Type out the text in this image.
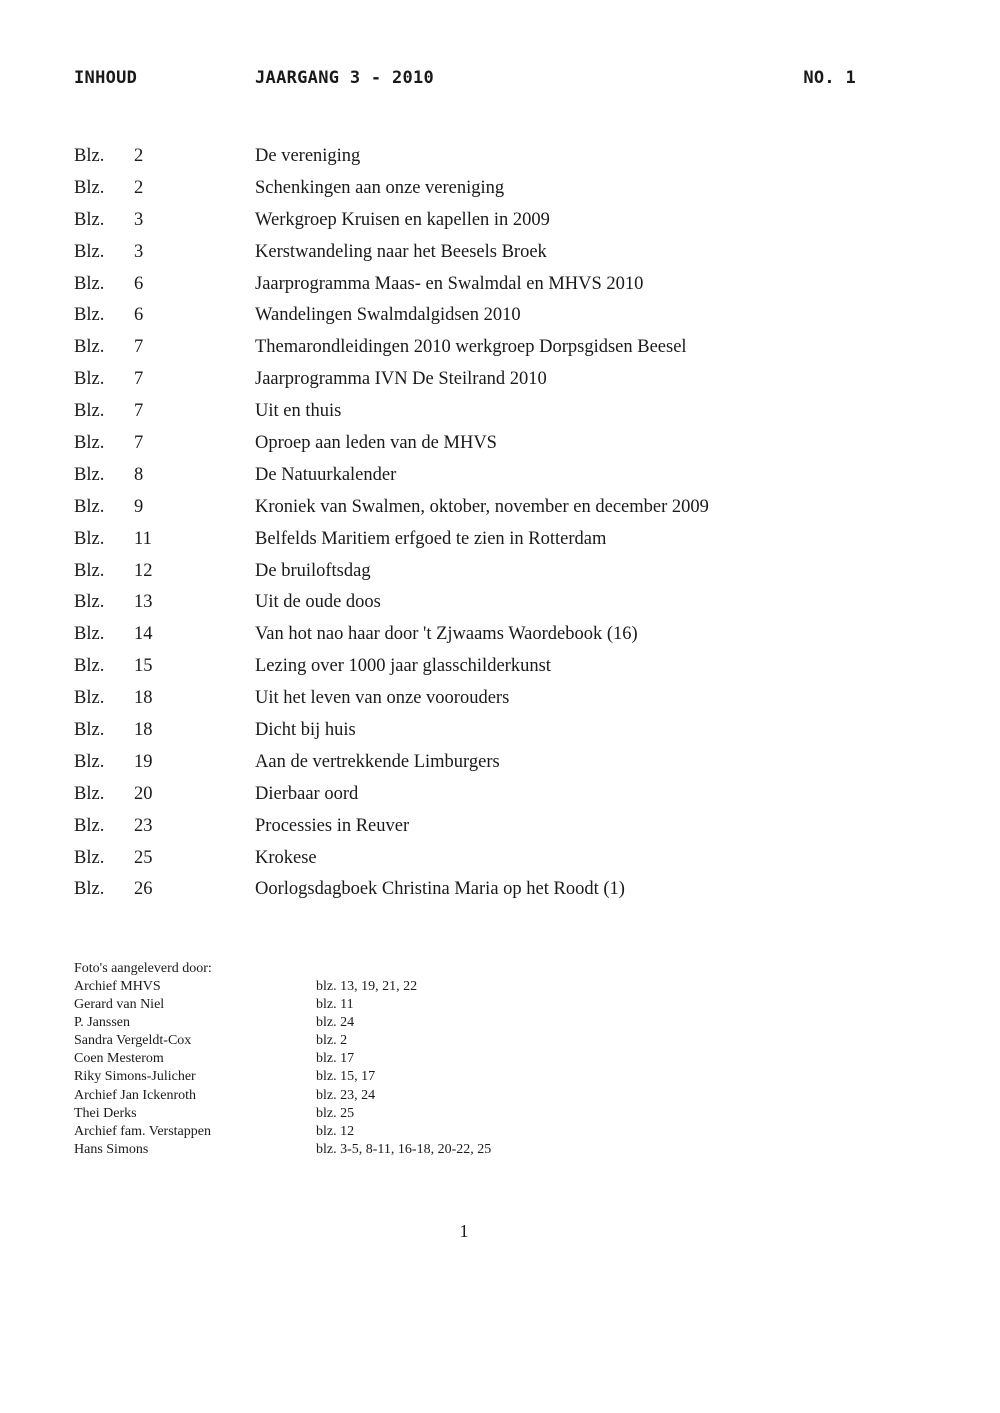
INHOUD	JAARGANG 3 - 2010	NO. 1
Blz. 2	De vereniging
Blz. 2	Schenkingen aan onze vereniging
Blz. 3	Werkgroep Kruisen en kapellen in 2009
Blz. 3	Kerstwandeling naar het Beesels Broek
Blz. 6	Jaarprogramma Maas- en Swalmdal en MHVS 2010
Blz. 6	Wandelingen Swalmdalgidsen 2010
Blz. 7	Themarondleidingen 2010 werkgroep Dorpsgidsen Beesel
Blz. 7	Jaarprogramma IVN De Steilrand 2010
Blz. 7	Uit en thuis
Blz. 7	Oproep aan leden van de MHVS
Blz. 8	De Natuurkalender
Blz. 9	Kroniek van Swalmen, oktober, november en december 2009
Blz. 11	Belfelds Maritiem erfgoed te zien in Rotterdam
Blz. 12	De bruiloftsdag
Blz. 13	Uit de oude doos
Blz. 14	Van hot nao haar door 't Zjwaams Waordebook (16)
Blz. 15	Lezing over 1000 jaar glasschilderkunst
Blz. 18	Uit het leven van onze voorouders
Blz. 18	Dicht bij huis
Blz. 19	Aan de vertrekkende Limburgers
Blz. 20	Dierbaar oord
Blz. 23	Processies in Reuver
Blz. 25	Krokese
Blz. 26	Oorlogsdagboek Christina Maria op het Roodt (1)
Foto's aangeleverd door:
Archief MHVS	blz. 13, 19, 21, 22
Gerard van Niel	blz. 11
P. Janssen	blz. 24
Sandra Vergeldt-Cox	blz. 2
Coen Mesterom	blz. 17
Riky Simons-Julicher	blz. 15, 17
Archief Jan Ickenroth	blz. 23, 24
Thei Derks	blz. 25
Archief fam. Verstappen	blz. 12
Hans Simons	blz. 3-5, 8-11, 16-18, 20-22, 25
1
